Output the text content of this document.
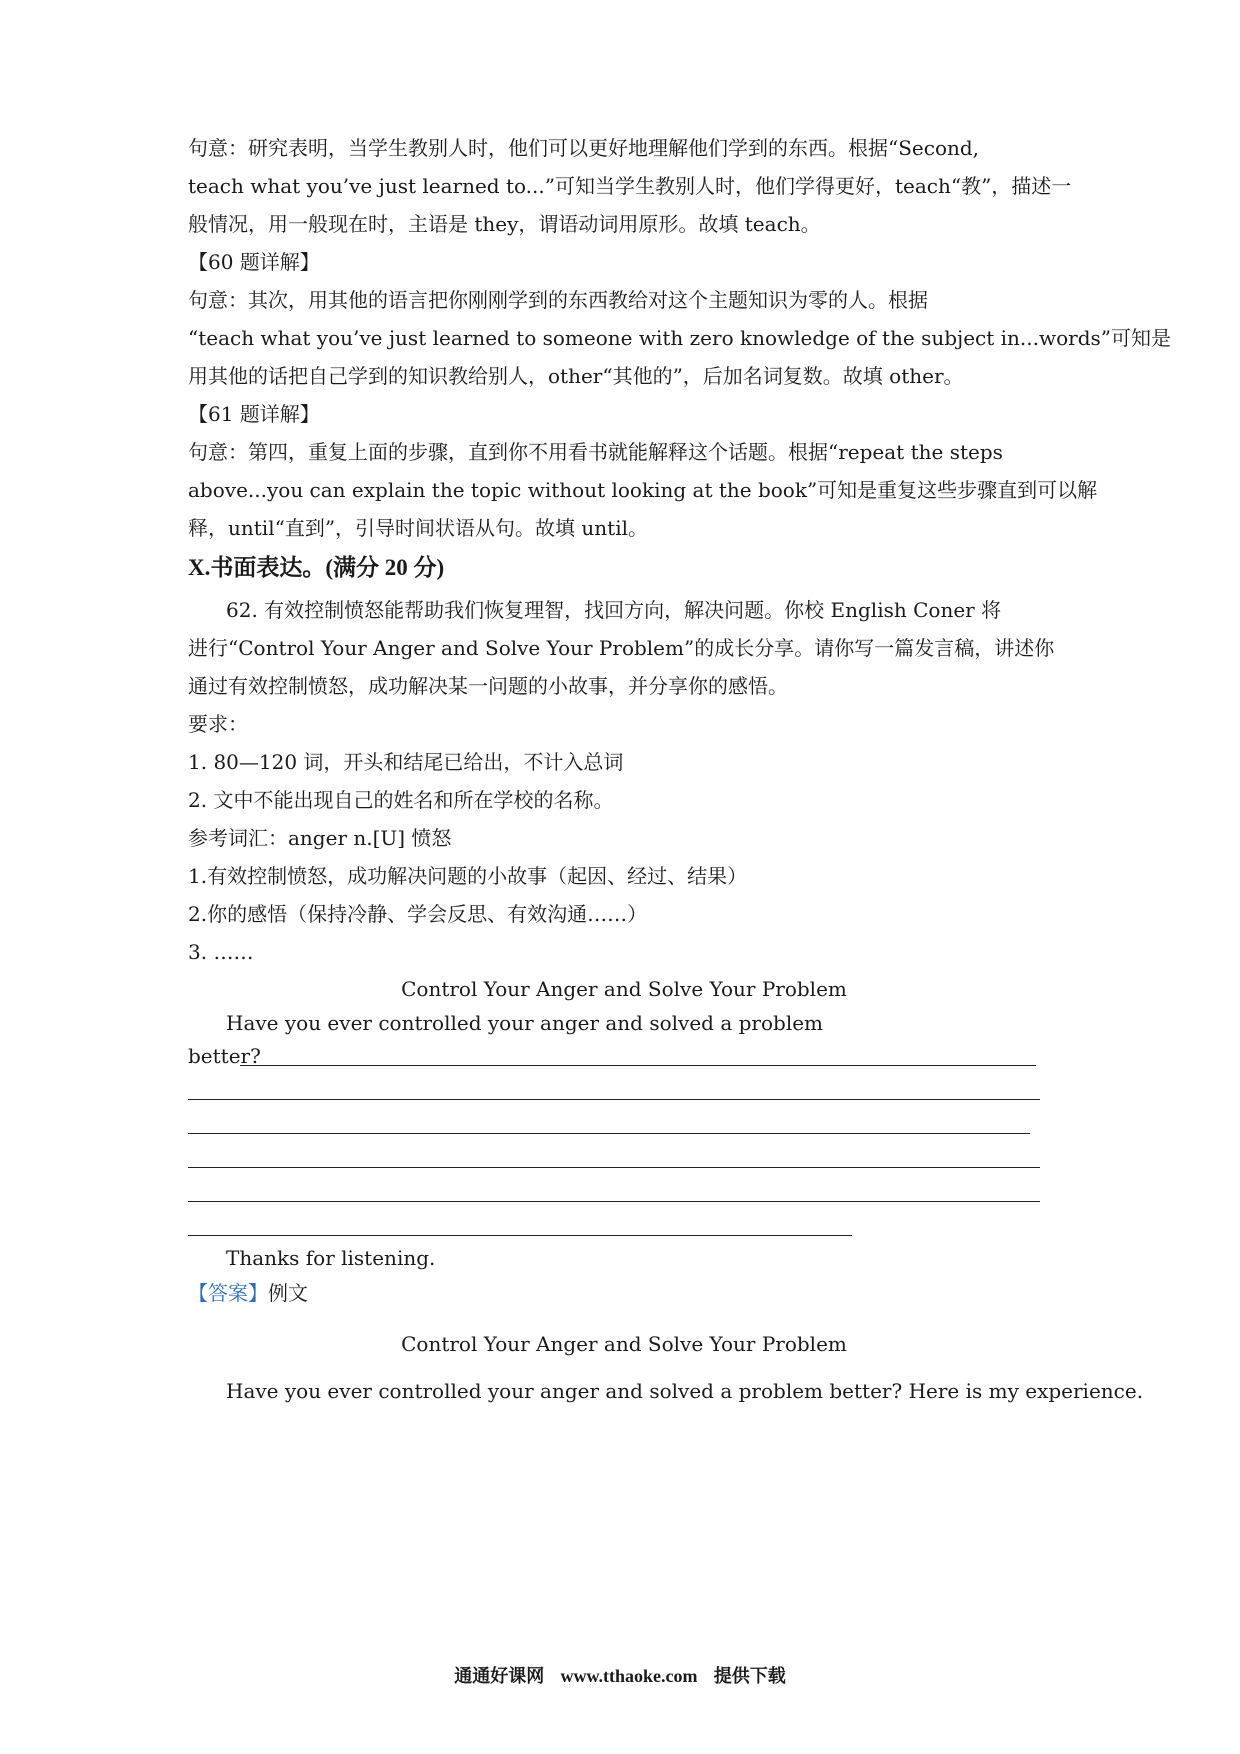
句意：研究表明，当学生教别人时，他们可以更好地理解他们学到的东西。根据“Second,
teach what you’ve just learned to...”可知当学生教别人时，他们学得更好，teach“教”，描述一
般情况，用一般现在时，主语是 they，谓语动词用原形。故填 teach。
【60 题详解】
句意：其次，用其他的语言把你刚刚学到的东西教给对这个主题知识为零的人。根据
“teach what you’ve just learned to someone with zero knowledge of the subject in...words”可知是
用其他的话把自己学到的知识教给别人，other“其他的”，后加名词复数。故填 other。
【61 题详解】
句意：第四，重复上面的步骤，直到你不用看书就能解释这个话题。根据“repeat the steps
above...you can explain the topic without looking at the book”可知是重复这些步骤直到可以解
释，until“直到”，引导时间状语从句。故填 until。
X.书面表达。(满分 20 分)
62. 有效控制愤怒能帮助我们恢复理智，找回方向，解决问题。你校 English Coner 将
进行“Control Your Anger and Solve Your Problem”的成长分享。请你写一篇发言稿，讲述你
通过有效控制愤怒，成功解决某一问题的小故事，并分享你的感悟。
要求：
1. 80—120 词，开头和结尾已给出，不计入总词
2. 文中不能出现自己的姓名和所在学校的名称。
参考词汇：anger n.[U] 愤怒
1.有效控制愤怒，成功解决问题的小故事（起因、经过、结果）
2.你的感悟（保持冷静、学会反思、有效沟通……）
3. ……
Control Your Anger and Solve Your Problem
Have you ever controlled your anger and solved a problem
better?
Thanks for listening.
【答案】例文
Control Your Anger and Solve Your Problem
Have you ever controlled your anger and solved a problem better? Here is my experience.
通通好课网 www.tthaoke.com 提供下载
